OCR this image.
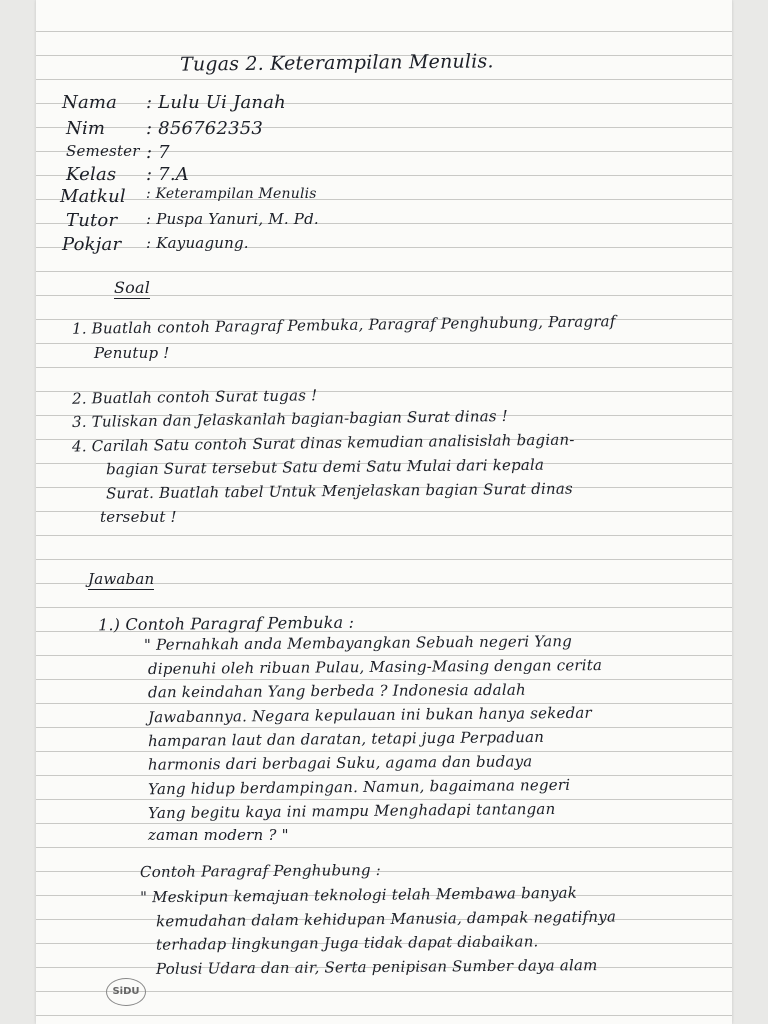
Tugas 2. Keterampilan Menulis.
Nama : Lulu Ui Janah
Nim : 856762353
Semester : 7
Kelas : 7.A
Matkul : Keterampilan Menulis
Tutor : Puspa Yanuri, M. Pd.
Pokjar : Kayuagung.
Soal
1. Buatlah contoh Paragraf Pembuka, Paragraf Penghubung, Paragraf
Penutup !
2. Buatlah contoh Surat tugas !
3. Tuliskan dan Jelaskanlah bagian-bagian Surat dinas !
4. Carilah Satu contoh Surat dinas kemudian analisislah bagian-
bagian Surat tersebut Satu demi Satu Mulai dari kepala
Surat. Buatlah tabel Untuk Menjelaskan bagian Surat dinas
tersebut !
Jawaban
1.) Contoh Paragraf Pembuka :
" Pernahkah anda Membayangkan Sebuah negeri Yang
dipenuhi oleh ribuan Pulau, Masing-Masing dengan cerita
dan keindahan Yang berbeda ? Indonesia adalah
Jawabannya. Negara kepulauan ini bukan hanya sekedar
hamparan laut dan daratan, tetapi juga Perpaduan
harmonis dari berbagai Suku, agama dan budaya
Yang hidup berdampingan. Namun, bagaimana negeri
Yang begitu kaya ini mampu Menghadapi tantangan
zaman modern ? "
Contoh Paragraf Penghubung :
" Meskipun kemajuan teknologi telah Membawa banyak
kemudahan dalam kehidupan Manusia, dampak negatifnya
terhadap lingkungan Juga tidak dapat diabaikan.
Polusi Udara dan air, Serta penipisan Sumber daya alam
SiDU
